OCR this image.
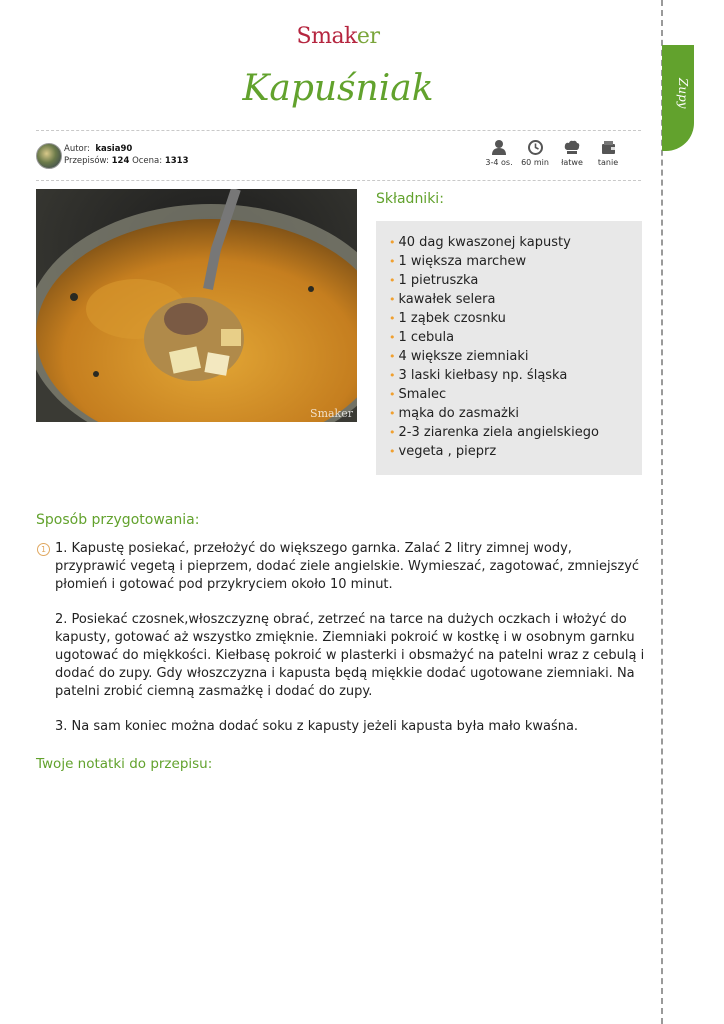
Smaker
Kapuśniak	Zupy
Autor: kasia90
Przepisów: 124 Ocena: 1313	3-4 os.	60 min	łatwe	tanie
Smaker
Składniki:
• 40 dag kwaszonej kapusty
• 1 większa marchew
• 1 pietruszka
• kawałek selera
• 1 ząbek czosnku
• 1 cebula
• 4 większe ziemniaki
• 3 laski kiełbasy np. śląska
• Smalec
• mąka do zasmażki
• 2-3 ziarenka ziela angielskiego
• vegeta , pieprz
Sposób przygotowania:
1 1. Kapustę posiekać, przełożyć do większego garnka. Zalać 2 litry zimnej wody, przyprawić vegetą i pieprzem, dodać ziele angielskie. Wymieszać, zagotować, zmniejszyć płomień i gotować pod przykryciem około 10 minut.

2. Posiekać czosnek,włoszczyznę obrać, zetrzeć na tarce na dużych oczkach i włożyć do kapusty, gotować aż wszystko zmięknie. Ziemniaki pokroić w kostkę i w osobnym garnku ugotować do miękkości. Kiełbasę pokroić w plasterki i obsmażyć na patelni wraz z cebulą i dodać do zupy. Gdy włoszczyzna i kapusta będą miękkie dodać ugotowane ziemniaki. Na patelni zrobić ciemną zasmażkę i dodać do zupy.

3. Na sam koniec można dodać soku z kapusty jeżeli kapusta była mało kwaśna.

Twoje notatki do przepisu:
